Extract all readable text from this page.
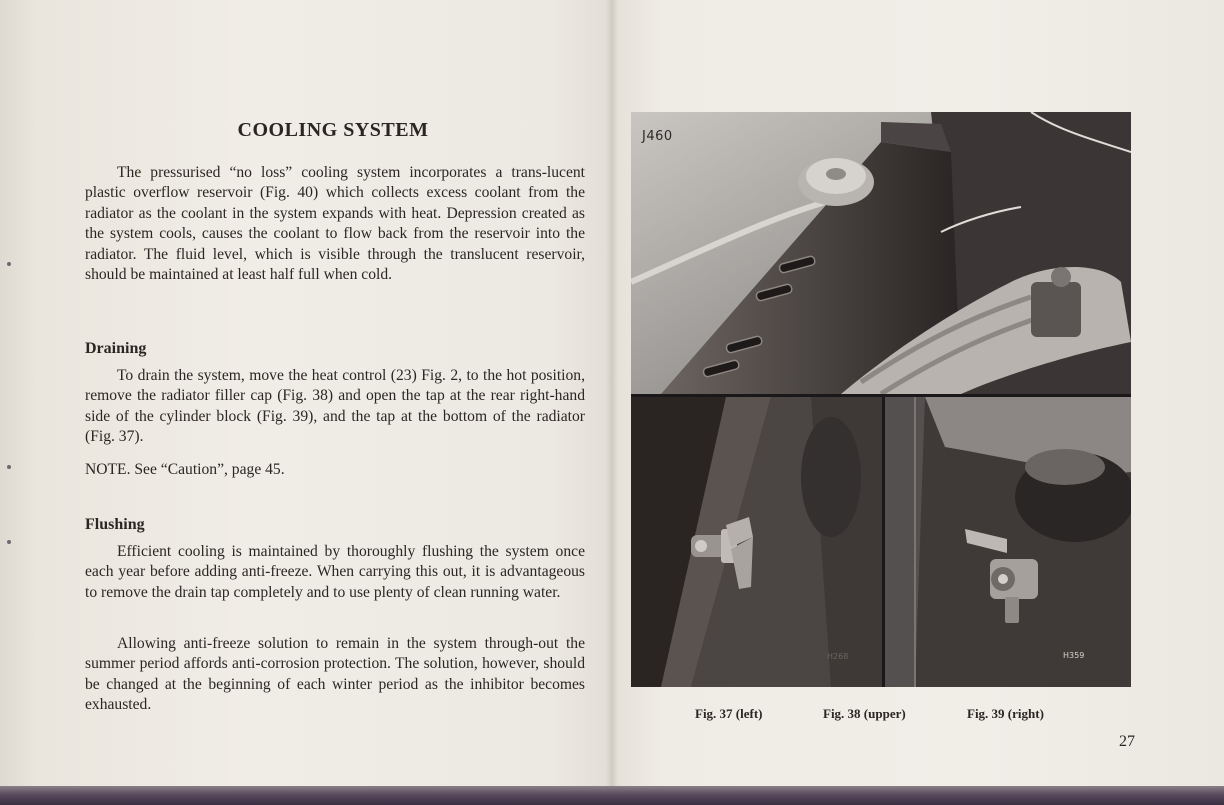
COOLING SYSTEM
The pressurised “no loss” cooling system incorporates a trans-lucent plastic overflow reservoir (Fig. 40) which collects excess coolant from the radiator as the coolant in the system expands with heat. Depression created as the system cools, causes the coolant to flow back from the reservoir into the radiator. The fluid level, which is visible through the translucent reservoir, should be maintained at least half full when cold.
Draining
To drain the system, move the heat control (23) Fig. 2, to the hot position, remove the radiator filler cap (Fig. 38) and open the tap at the rear right-hand side of the cylinder block (Fig. 39), and the tap at the bottom of the radiator (Fig. 37).
NOTE. See “Caution”, page 45.
Flushing
Efficient cooling is maintained by thoroughly flushing the system once each year before adding anti-freeze. When carrying this out, it is advantageous to remove the drain tap completely and to use plenty of clean running water.
Allowing anti-freeze solution to remain in the system through-out the summer period affords anti-corrosion protection. The solution, however, should be changed at the beginning of each winter period as the inhibitor becomes exhausted.
J460
H268	H359
Fig. 37 (left)	Fig. 38 (upper)	Fig. 39 (right)
27
